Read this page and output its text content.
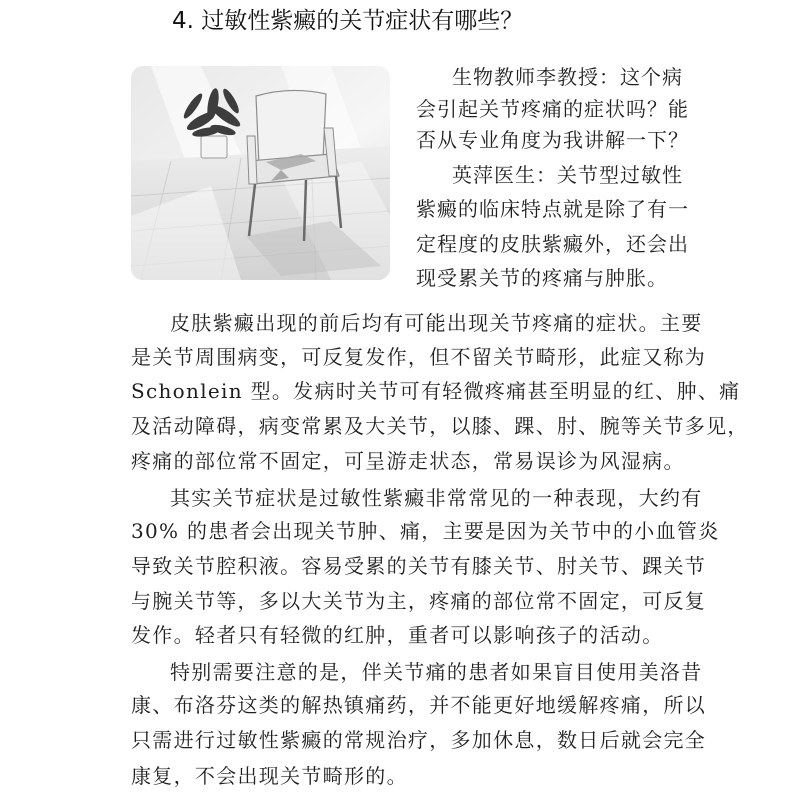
4. 过敏性紫癜的关节症状有哪些？
生物教师李教授：这个病
会引起关节疼痛的症状吗？能
否从专业角度为我讲解一下？
英萍医生：关节型过敏性
紫癜的临床特点就是除了有一
定程度的皮肤紫癜外，还会出
现受累关节的疼痛与肿胀。
皮肤紫癜出现的前后均有可能出现关节疼痛的症状。主要
是关节周围病变，可反复发作，但不留关节畸形，此症又称为
Schonlein 型。发病时关节可有轻微疼痛甚至明显的红、肿、痛
及活动障碍，病变常累及大关节，以膝、踝、肘、腕等关节多见，
疼痛的部位常不固定，可呈游走状态，常易误诊为风湿病。
其实关节症状是过敏性紫癜非常常见的一种表现，大约有
30% 的患者会出现关节肿、痛，主要是因为关节中的小血管炎
导致关节腔积液。容易受累的关节有膝关节、肘关节、踝关节
与腕关节等，多以大关节为主，疼痛的部位常不固定，可反复
发作。轻者只有轻微的红肿，重者可以影响孩子的活动。
特别需要注意的是，伴关节痛的患者如果盲目使用美洛昔
康、布洛芬这类的解热镇痛药，并不能更好地缓解疼痛，所以
只需进行过敏性紫癜的常规治疗，多加休息，数日后就会完全
康复，不会出现关节畸形的。
